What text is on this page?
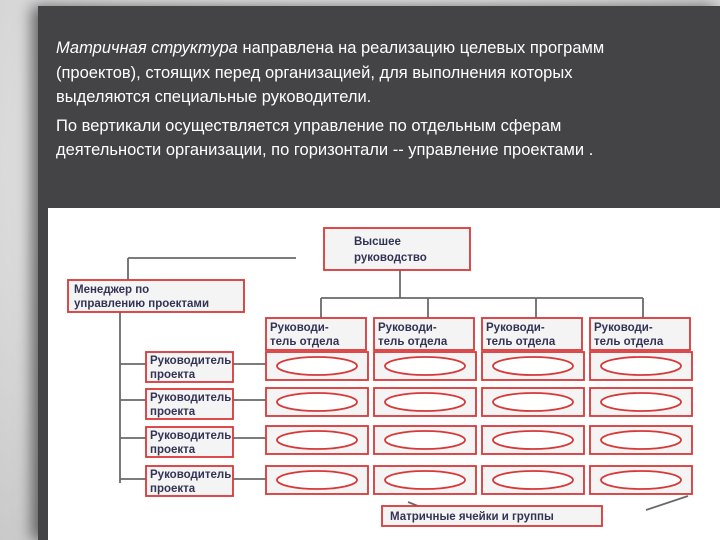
Матричная структура направлена на реализацию целевых программ (проектов), стоящих перед организацией, для выполнения которых выделяются специальные руководители.

По вертикали осуществляется управление по отдельным сферам деятельности организации, по горизонтали -- управление проектами .

Высшее
руководство
Менеджер по
управлению проектами
Руководи-
тель отдела
Руководи-
тель отдела
Руководи-
тель отдела
Руководи-
тель отдела
Руководитель
проекта
Руководитель
проекта
Руководитель
проекта
Руководитель
проекта
Матричные ячейки и группы
